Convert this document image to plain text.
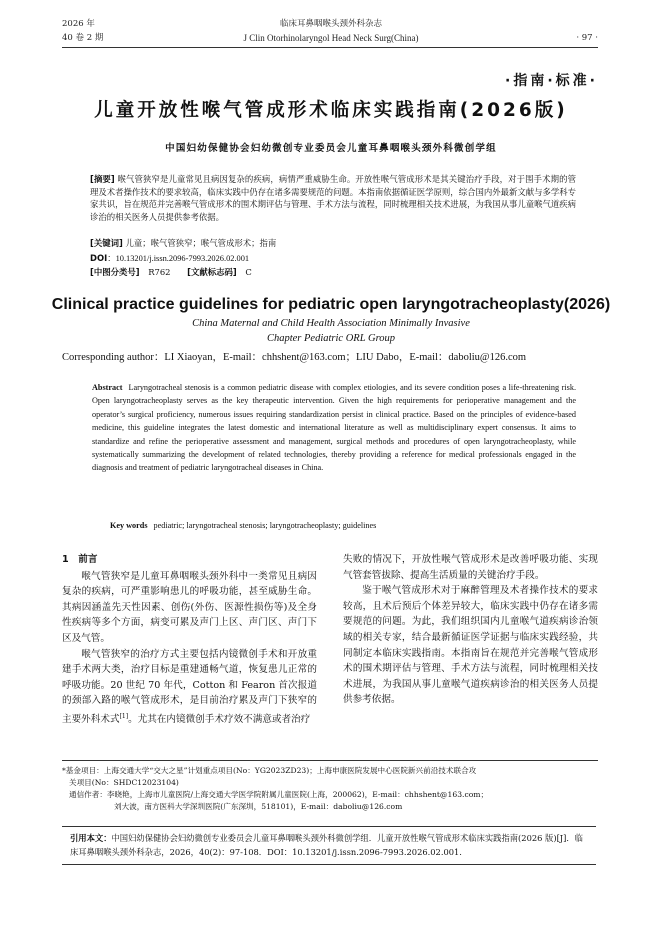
2026 年
40 卷 2 期
临床耳鼻咽喉头颈外科杂志
J Clin Otorhinolaryngol Head Neck Surg(China)	· 97 ·
·指南·标准·
儿童开放性喉气管成形术临床实践指南(2026版)
中国妇幼保健协会妇幼微创专业委员会儿童耳鼻咽喉头颈外科微创学组
[摘要] 喉气管狭窄是儿童常见且病因复杂的疾病，病情严重威胁生命。开放性喉气管成形术是其关键治疗手段，对于围手术期的管理及术者操作技术的要求较高，临床实践中仍存在诸多需要规范的问题。本指南依据循证医学原则，综合国内外最新文献与多学科专家共识，旨在规范并完善喉气管成形术的围术期评估与管理、手术方法与流程，同时梳理相关技术进展，为我国从事儿童喉气道疾病诊治的相关医务人员提供参考依据。
[关键词] 儿童；喉气管狭窄；喉气管成形术；指南
DOI：10.13201/j.issn.2096-7993.2026.02.001
[中图分类号] R762 [文献标志码] C
Clinical practice guidelines for pediatric open laryngotracheoplasty(2026)
China Maternal and Child Health Association Minimally Invasive
Chapter Pediatric ORL Group
Corresponding author：LI Xiaoyan，E-mail：chhshent@163.com；LIU Dabo，E-mail：daboliu@126.com
Abstract Laryngotracheal stenosis is a common pediatric disease with complex etiologies, and its severe condition poses a life-threatening risk. Open laryngotracheoplasty serves as the key therapeutic intervention. Given the high requirements for perioperative management and the operator’s surgical proficiency, numerous issues requiring standardization persist in clinical practice. Based on the principles of evidence-based medicine, this guideline integrates the latest domestic and international literature as well as multidisciplinary expert consensus. It aims to standardize and refine the perioperative assessment and management, surgical methods and procedures of open laryngotracheoplasty, while systematically summarizing the development of related technologies, thereby providing a reference for medical professionals engaged in the diagnosis and treatment of pediatric laryngotracheal diseases in China.
Key words pediatric; laryngotracheal stenosis; laryngotracheoplasty; guidelines
1　前言

喉气管狭窄是儿童耳鼻咽喉头颈外科中一类常见且病因复杂的疾病，可严重影响患儿的呼吸功能，甚至威胁生命。其病因涵盖先天性因素、创伤(外伤、医源性损伤等)及全身性疾病等多个方面，病变可累及声门上区、声门区、声门下区及气管。

喉气管狭窄的治疗方式主要包括内镜微创手术和开放重建手术两大类，治疗目标是重建通畅气道，恢复患儿正常的呼吸功能。20 世纪 70 年代，Cotton 和 Fearon 首次报道的颈部入路的喉气管成形术，是目前治疗累及声门下狭窄的主要外科术式[1]。尤其在内镜微创手术疗效不满意或者治疗

失败的情况下，开放性喉气管成形术是改善呼吸功能、实现气管套管拔除、提高生活质量的关键治疗手段。

鉴于喉气管成形术对于麻醉管理及术者操作技术的要求较高，且术后预后个体差异较大，临床实践中仍存在诸多需要规范的问题。为此，我们组织国内儿童喉气道疾病诊治领域的相关专家，结合最新循证医学证据与临床实践经验，共同制定本临床实践指南。本指南旨在规范并完善喉气管成形术的围术期评估与管理、手术方法与流程，同时梳理相关技术进展，为我国从事儿童喉气道疾病诊治的相关医务人员提供参考依据。

*基金项目：上海交通大学“交大之星”计划重点项目(No：YG2023ZD23)；上海申康医院发展中心医院新兴前沿技术联合攻
关项目(No：SHDC12023104)
通信作者：李晓艳，上海市儿童医院/上海交通大学医学院附属儿童医院(上海，200062)，E-mail：chhshent@163.com；
刘大波，南方医科大学深圳医院(广东深圳，518101)，E-mail：daboliu@126.com
引用本文：中国妇幼保健协会妇幼微创专业委员会儿童耳鼻咽喉头颈外科微创学组．儿童开放性喉气管成形术临床实践指南(2026 版)[J]．临床耳鼻咽喉头颈外科杂志，2026，40(2)：97-108．DOI：10.13201/j.issn.2096-7993.2026.02.001.
